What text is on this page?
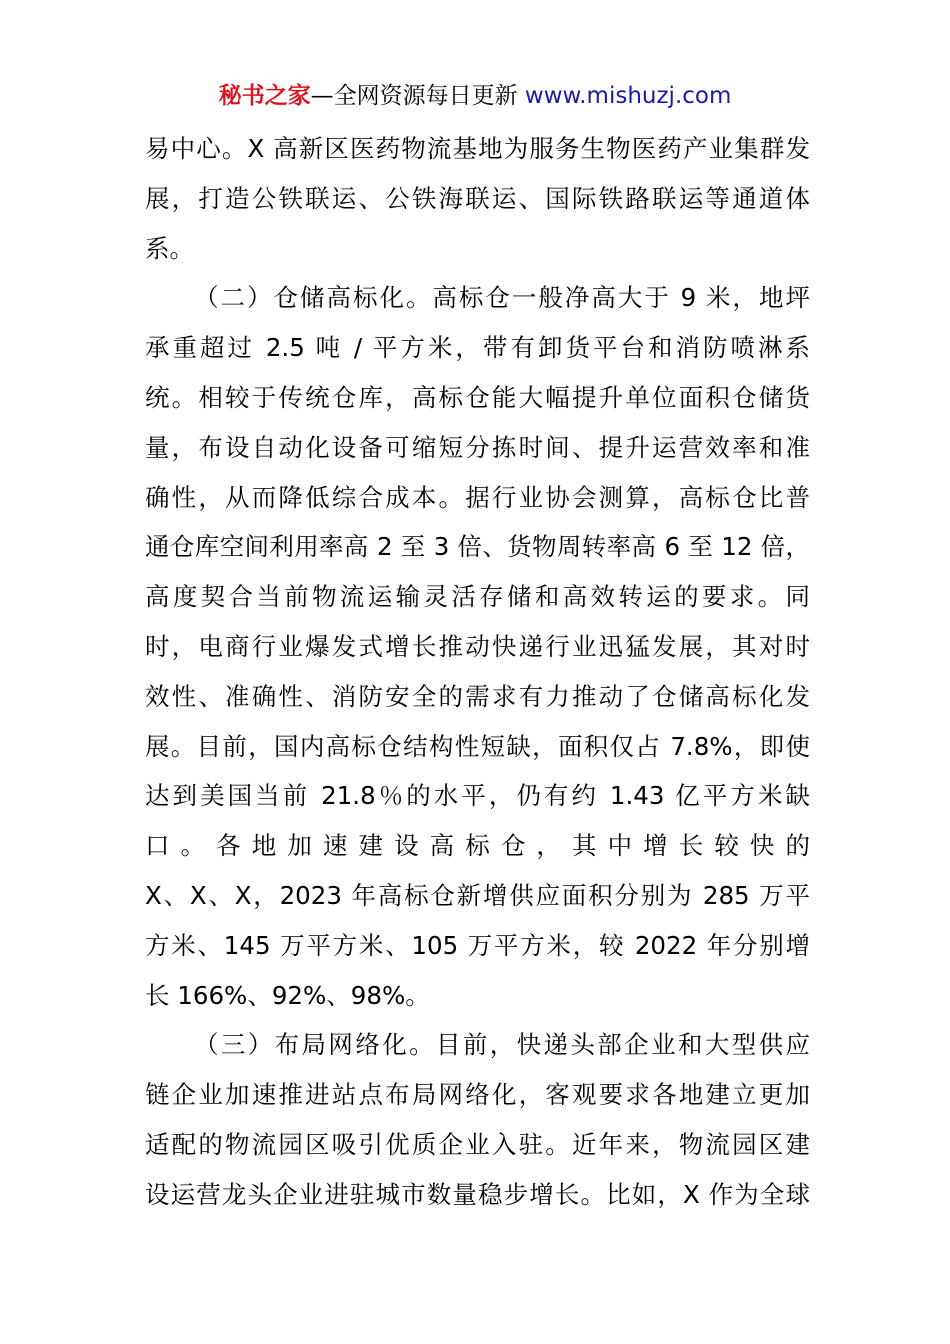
秘书之家—全网资源每日更新 www.mishuzj.com
易中心。X 高新区医药物流基地为服务生物医药产业集群发
展，打造公铁联运、公铁海联运、国际铁路联运等通道体
系。
（二）仓储高标化。高标仓一般净高大于 9 米，地坪
承重超过 2.5 吨 / 平方米，带有卸货平台和消防喷淋系
统。相较于传统仓库，高标仓能大幅提升单位面积仓储货
量，布设自动化设备可缩短分拣时间、提升运营效率和准
确性，从而降低综合成本。据行业协会测算，高标仓比普
通仓库空间利用率高 2 至 3 倍、货物周转率高 6 至 12 倍，
高度契合当前物流运输灵活存储和高效转运的要求。同
时，电商行业爆发式增长推动快递行业迅猛发展，其对时
效性、准确性、消防安全的需求有力推动了仓储高标化发
展。目前，国内高标仓结构性短缺，面积仅占 7.8%，即使
达到美国当前 21.8％的水平，仍有约 1.43 亿平方米缺
口。各地加速建设高标仓，其中增长较快的
X、X、X，2023 年高标仓新增供应面积分别为 285 万平
方米、145 万平方米、105 万平方米，较 2022 年分别增
长 166%、92%、98%。
（三）布局网络化。目前，快递头部企业和大型供应
链企业加速推进站点布局网络化，客观要求各地建立更加
适配的物流园区吸引优质企业入驻。近年来，物流园区建
设运营龙头企业进驻城市数量稳步增长。比如，X 作为全球
